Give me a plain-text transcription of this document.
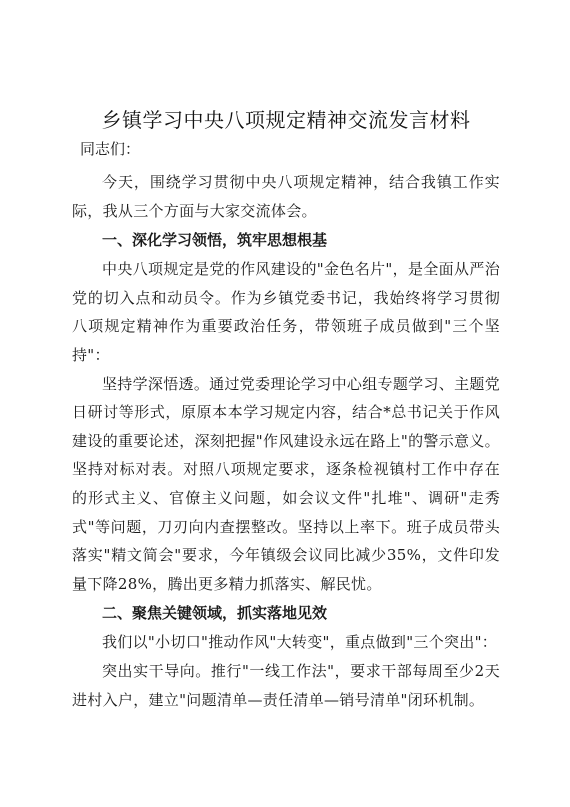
乡镇学习中央八项规定精神交流发言材料

同志们：

今天，围绕学习贯彻中央八项规定精神，结合我镇工作实际，我从三个方面与大家交流体会。

一、深化学习领悟，筑牢思想根基

中央八项规定是党的作风建设的"金色名片"，是全面从严治党的切入点和动员令。作为乡镇党委书记，我始终将学习贯彻八项规定精神作为重要政治任务，带领班子成员做到"三个坚持"：

坚持学深悟透。通过党委理论学习中心组专题学习、主题党日研讨等形式，原原本本学习规定内容，结合*总书记关于作风建设的重要论述，深刻把握"作风建设永远在路上"的警示意义。坚持对标对表。对照八项规定要求，逐条检视镇村工作中存在的形式主义、官僚主义问题，如会议文件"扎堆"、调研"走秀式"等问题，刀刃向内查摆整改。坚持以上率下。班子成员带头落实"精文简会"要求，今年镇级会议同比减少35%，文件印发量下降28%，腾出更多精力抓落实、解民忧。

二、聚焦关键领域，抓实落地见效

我们以"小切口"推动作风"大转变"，重点做到"三个突出"：

突出实干导向。推行"一线工作法"，要求干部每周至少2天进村入户，建立"问题清单—责任清单—销号清单"闭环机制。
